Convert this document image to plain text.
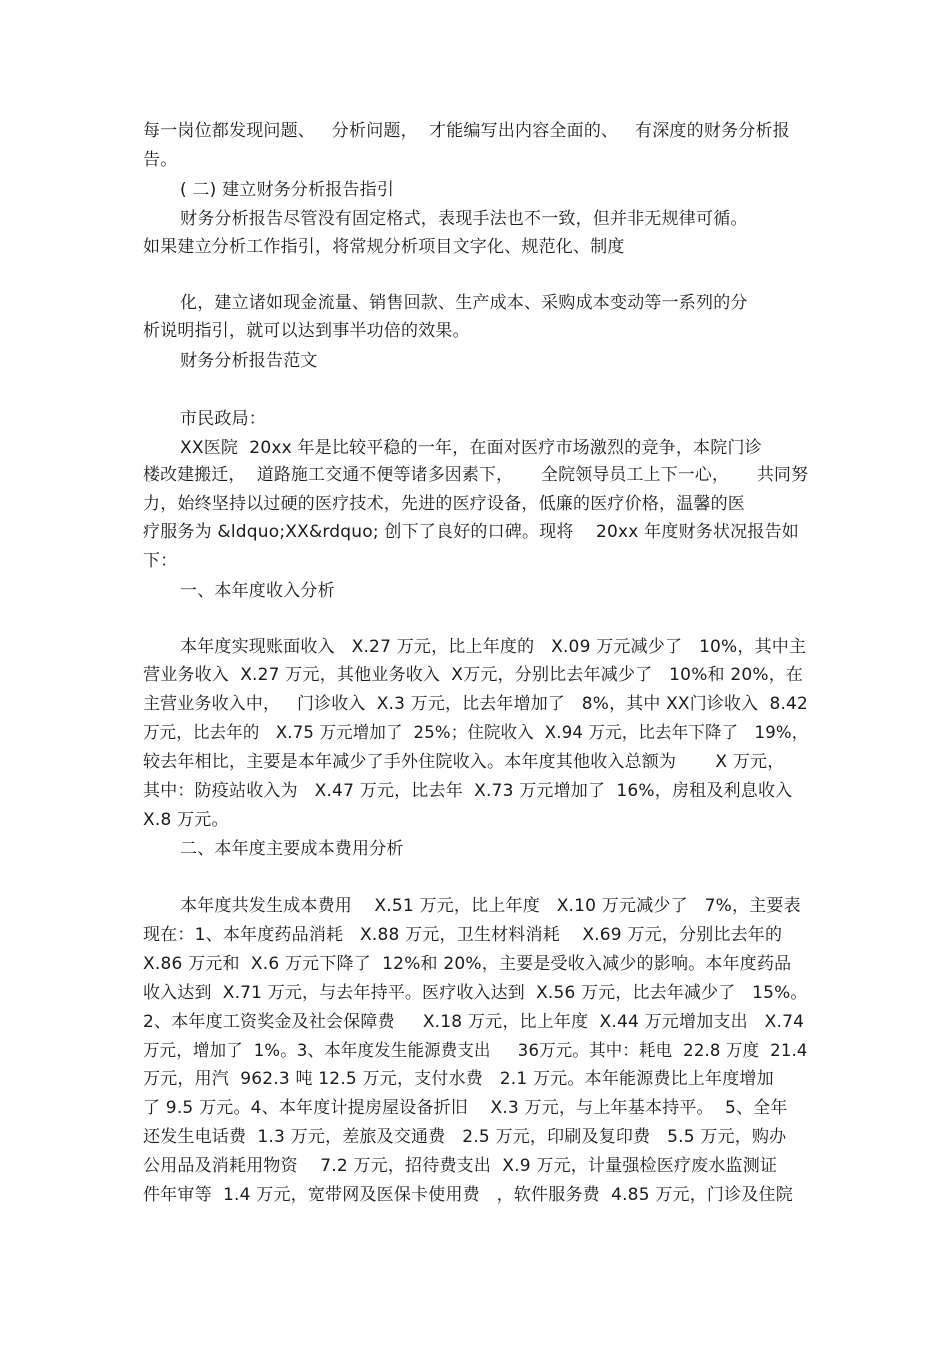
每一岗位都发现问题、   分析问题，  才能编写出内容全面的、   有深度的财务分析报
告。
( 二) 建立财务分析报告指引
财务分析报告尽管没有固定格式，表现手法也不一致，但并非无规律可循。
如果建立分析工作指引，将常规分析项目文字化、规范化、制度
化，建立诸如现金流量、销售回款、生产成本、采购成本变动等一系列的分
析说明指引，就可以达到事半功倍的效果。
财务分析报告范文
市民政局：
XX医院  20xx 年是比较平稳的一年，在面对医疗市场激烈的竞争，本院门诊
楼改建搬迁，  道路施工交通不便等诸多因素下，     全院领导员工上下一心，     共同努
力，始终坚持以过硬的医疗技术，先进的医疗设备，低廉的医疗价格，温馨的医
疗服务为 &ldquo;XX&rdquo; 创下了良好的口碑。现将    20xx 年度财务状况报告如
下：
一、本年度收入分析
本年度实现账面收入   X.27 万元，比上年度的   X.09 万元减少了   10%，其中主
营业务收入  X.27 万元，其他业务收入  X万元，分别比去年减少了   10%和 20%，在
主营业务收入中，   门诊收入  X.3 万元，比去年增加了   8%，其中 XX门诊收入  8.42
万元，比去年的   X.75 万元增加了  25%；住院收入  X.94 万元，比去年下降了   19%，
较去年相比，主要是本年减少了手外住院收入。本年度其他收入总额为       X 万元，
其中：防疫站收入为   X.47 万元，比去年  X.73 万元增加了  16%，房租及利息收入
X.8 万元。
二、本年度主要成本费用分析
本年度共发生成本费用    X.51 万元，比上年度   X.10 万元减少了   7%，主要表
现在：1、本年度药品消耗   X.88 万元，卫生材料消耗    X.69 万元，分别比去年的
X.86 万元和  X.6 万元下降了  12%和 20%，主要是受收入减少的影响。本年度药品
收入达到  X.71 万元，与去年持平。医疗收入达到  X.56 万元，比去年减少了   15%。
2、本年度工资奖金及社会保障费     X.18 万元，比上年度  X.44 万元增加支出   X.74
万元，增加了  1%。3、本年度发生能源费支出     36万元。其中：耗电  22.8 万度  21.4
万元，用汽  962.3 吨 12.5 万元，支付水费   2.1 万元。本年能源费比上年度增加
了 9.5 万元。4、本年度计提房屋设备折旧    X.3 万元，与上年基本持平。  5、全年
还发生电话费  1.3 万元，差旅及交通费   2.5 万元，印刷及复印费   5.5 万元，购办
公用品及消耗用物资    7.2 万元，招待费支出  X.9 万元，计量强检医疗废水监测证
件年审等  1.4 万元，宽带网及医保卡使用费   ，软件服务费  4.85 万元，门诊及住院
